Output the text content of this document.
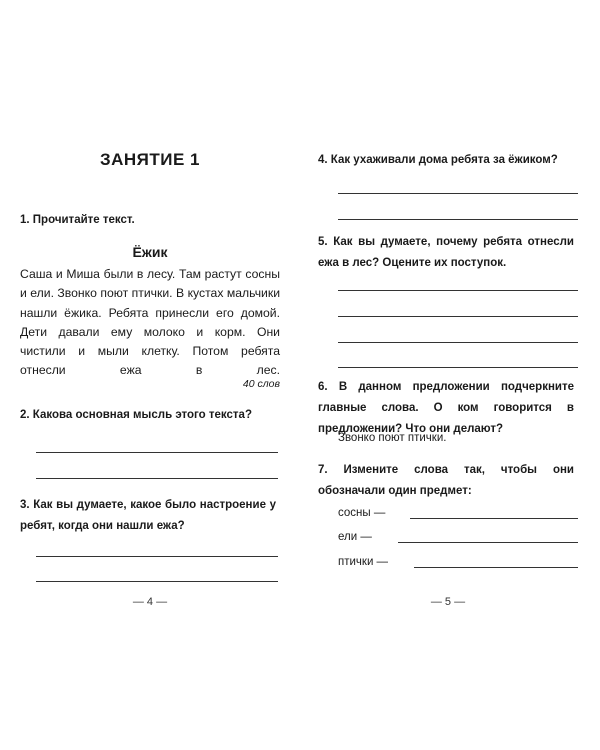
ЗАНЯТИЕ 1

1. Прочитайте текст.

Ёжик

Саша и Миша были в лесу. Там растут сосны и ели. Звонко поют птички. В кустах мальчики нашли ёжика. Ребята принесли его домой. Дети давали ему молоко и корм. Они чистили и мыли клетку. Потом ребята отнесли ежа в лес.

40 слов

2. Какова основная мысль этого текста?

3. Как вы думаете, какое было настроение у ребят, когда они нашли ежа?

— 4 —

4. Как ухаживали дома ребята за ёжиком?

5. Как вы думаете, почему ребята отнесли ежа в лес? Оцените их поступок.

6. В данном предложении подчеркните главные слова. О ком говорится в предложении? Что они делают?

Звонко поют птички.

7. Измените слова так, чтобы они обозначали один предмет:

сосны —
ели —
птички —

— 5 —
